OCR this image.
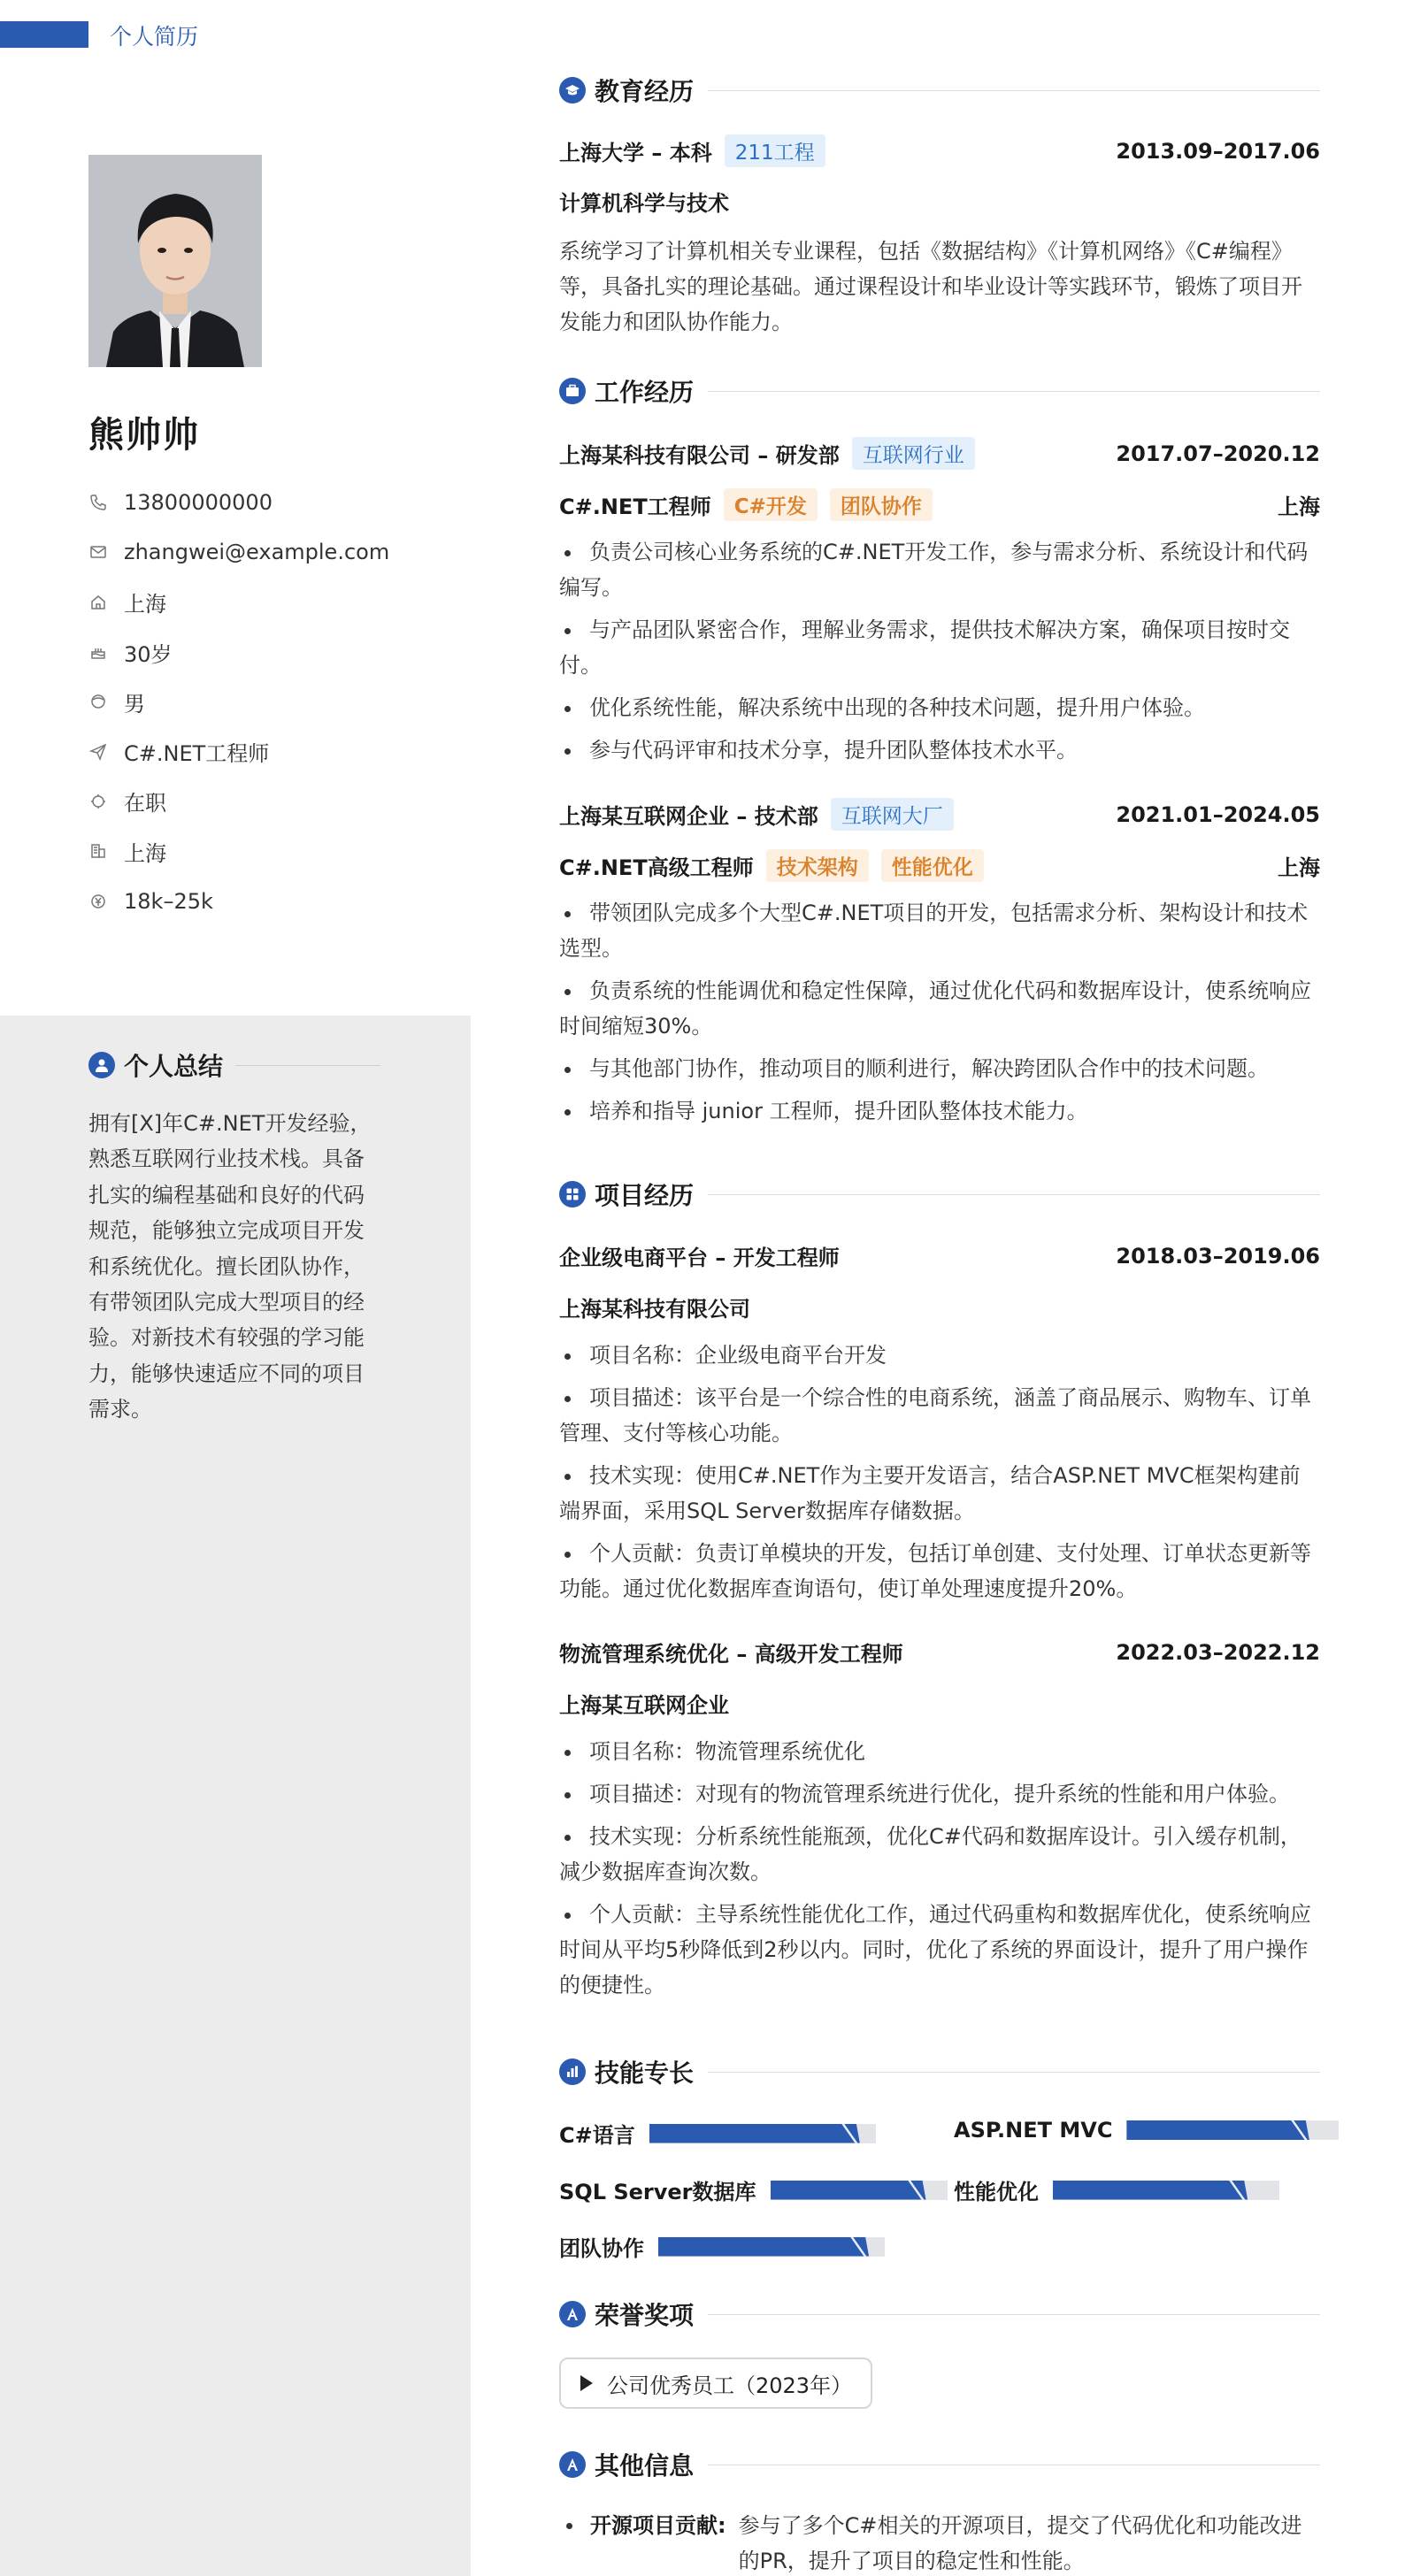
个人简历
熊帅帅
13800000000
zhangwei@example.com
上海
30岁
男
C#.NET工程师
在职
上海
18k–25k
个人总结
拥有[X]年C#.NET开发经验，熟悉互联网行业技术栈。具备扎实的编程基础和良好的代码规范，能够独立完成项目开发和系统优化。擅长团队协作，有带领团队完成大型项目的经验。对新技术有较强的学习能力，能够快速适应不同的项目需求。
教育经历
上海大学 – 本科	211工程	2013.09–2017.06
计算机科学与技术
系统学习了计算机相关专业课程，包括《数据结构》《计算机网络》《C#编程》等，具备扎实的理论基础。通过课程设计和毕业设计等实践环节，锻炼了项目开发能力和团队协作能力。
工作经历
上海某科技有限公司 – 研发部	互联网行业	2017.07–2020.12
C#.NET工程师	C#开发	团队协作	上海
负责公司核心业务系统的C#.NET开发工作，参与需求分析、系统设计和代码编写。
与产品团队紧密合作，理解业务需求，提供技术解决方案，确保项目按时交付。
优化系统性能，解决系统中出现的各种技术问题，提升用户体验。
参与代码评审和技术分享，提升团队整体技术水平。
上海某互联网企业 – 技术部	互联网大厂	2021.01–2024.05
C#.NET高级工程师	技术架构	性能优化	上海
带领团队完成多个大型C#.NET项目的开发，包括需求分析、架构设计和技术选型。
负责系统的性能调优和稳定性保障，通过优化代码和数据库设计，使系统响应时间缩短30%。
与其他部门协作，推动项目的顺利进行，解决跨团队合作中的技术问题。
培养和指导 junior 工程师，提升团队整体技术能力。
项目经历
企业级电商平台 – 开发工程师	2018.03–2019.06
上海某科技有限公司
项目名称：企业级电商平台开发
项目描述：该平台是一个综合性的电商系统，涵盖了商品展示、购物车、订单管理、支付等核心功能。
技术实现：使用C#.NET作为主要开发语言，结合ASP.NET MVC框架构建前端界面，采用SQL Server数据库存储数据。
个人贡献：负责订单模块的开发，包括订单创建、支付处理、订单状态更新等功能。通过优化数据库查询语句，使订单处理速度提升20%。
物流管理系统优化 – 高级开发工程师	2022.03–2022.12
上海某互联网企业
项目名称：物流管理系统优化
项目描述：对现有的物流管理系统进行优化，提升系统的性能和用户体验。
技术实现：分析系统性能瓶颈，优化C#代码和数据库设计。引入缓存机制，减少数据库查询次数。
个人贡献：主导系统性能优化工作，通过代码重构和数据库优化，使系统响应时间从平均5秒降低到2秒以内。同时，优化了系统的界面设计，提升了用户操作的便捷性。
技能专长
C#语言	ASP.NET MVC
SQL Server数据库	性能优化
团队协作
荣誉奖项
公司优秀员工（2023年）
其他信息
开源项目贡献: 参与了多个C#相关的开源项目，提交了代码优化和功能改进的PR，提升了项目的稳定性和性能。
